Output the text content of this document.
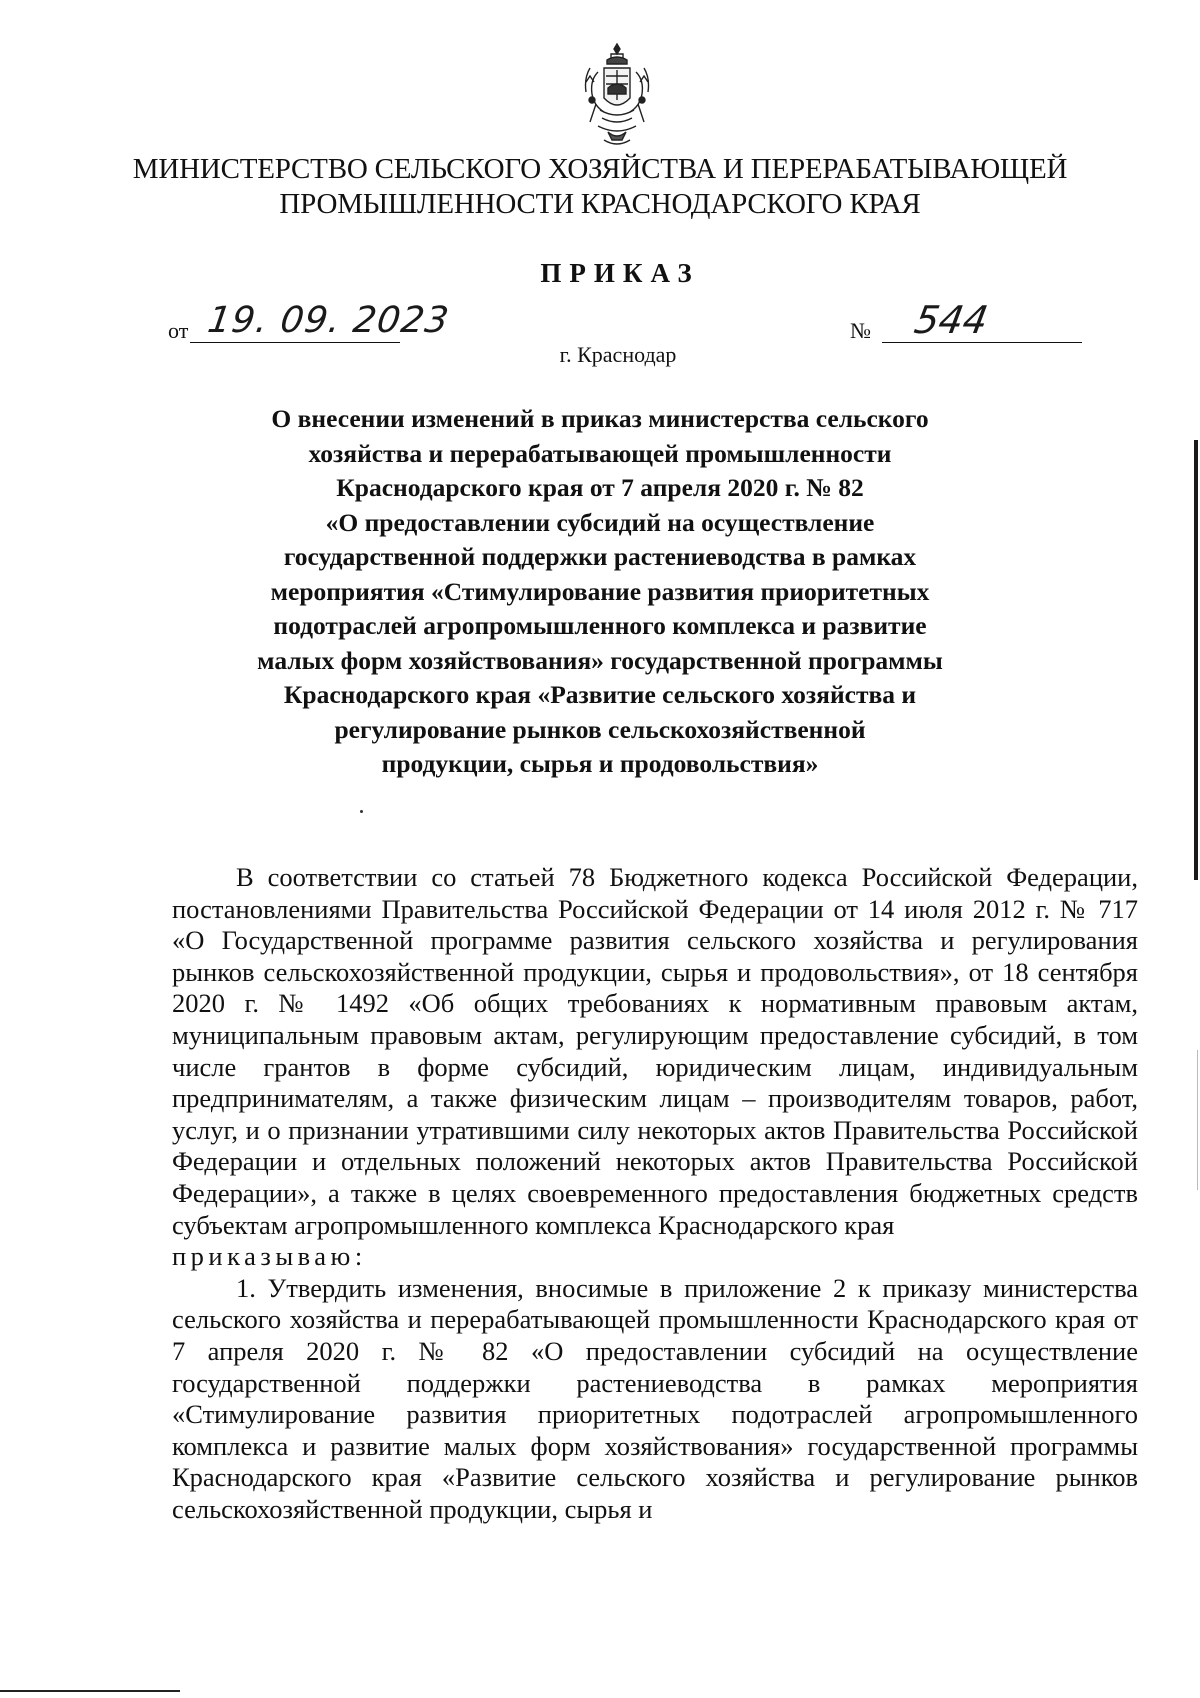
МИНИСТЕРСТВО СЕЛЬСКОГО ХОЗЯЙСТВА И ПЕРЕРАБАТЫВАЮЩЕЙ
ПРОМЫШЛЕННОСТИ КРАСНОДАРСКОГО КРАЯ
ПРИКАЗ
от 19. 09. 2023	№ 544
г. Краснодар
О внесении изменений в приказ министерства сельского
хозяйства и перерабатывающей промышленности
Краснодарского края от 7 апреля 2020 г. № 82
«О предоставлении субсидий на осуществление
государственной поддержки растениеводства в рамках
мероприятия «Стимулирование развития приоритетных
подотраслей агропромышленного комплекса и развитие
малых форм хозяйствования» государственной программы
Краснодарского края «Развитие сельского хозяйства и
регулирование рынков сельскохозяйственной
продукции, сырья и продовольствия»

В соответствии со статьей 78 Бюджетного кодекса Российской Федерации, постановлениями Правительства Российской Федерации от 14 июля 2012 г. № 717 «О Государственной программе развития сельского хозяйства и регулирования рынков сельскохозяйственной продукции, сырья и продовольствия», от 18 сентября 2020 г. № 1492 «Об общих требованиях к нормативным правовым актам, муниципальным правовым актам, регулирующим предоставление субсидий, в том числе грантов в форме субсидий, юридическим лицам, индивидуальным предпринимателям, а также физическим лицам – производителям товаров, работ, услуг, и о признании утратившими силу некоторых актов Правительства Российской Федерации и отдельных положений некоторых актов Правительства Российской Федерации», а также в целях своевременного предоставления бюджетных средств субъектам агропромышленного комплекса Краснодарского края

приказываю:

1. Утвердить изменения, вносимые в приложение 2 к приказу министерства сельского хозяйства и перерабатывающей промышленности Краснодарского края от 7 апреля 2020 г. № 82 «О предоставлении субсидий на осуществление государственной поддержки растениеводства в рамках мероприятия «Стимулирование развития приоритетных подотраслей агропромышленного комплекса и развитие малых форм хозяйствования» государственной программы Краснодарского края «Развитие сельского хозяйства и регулирование рынков сельскохозяйственной продукции, сырья и
